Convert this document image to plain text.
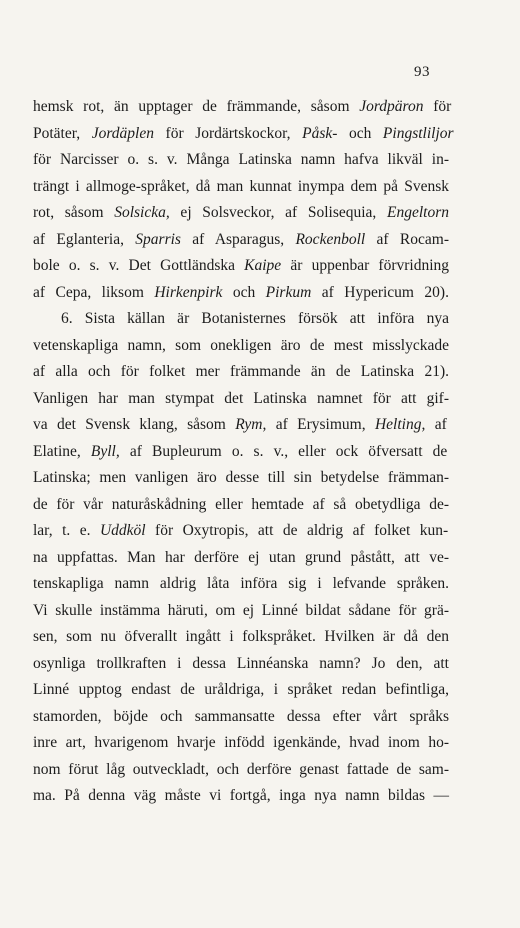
93
hemsk rot, än upptager de främmande, såsom Jordpäron för
Potäter, Jordäplen för Jordärtskockor, Påsk- och Pingstliljor
för Narcisser o. s. v. Många Latinska namn hafva likväl in-
trängt i allmoge-språket, då man kunnat inympa dem på Svensk
rot, såsom Solsicka, ej Solsveckor, af Solisequia, Engeltorn
af Eglanteria, Sparris af Asparagus, Rockenboll af Rocam-
bole o. s. v. Det Gottländska Kaipe är uppenbar förvridning
af Cepa, liksom Hirkenpirk och Pirkum af Hypericum 20).
6. Sista källan är Botanisternes försök att införa nya
vetenskapliga namn, som onekligen äro de mest misslyckade
af alla och för folket mer främmande än de Latinska 21).
Vanligen har man stympat det Latinska namnet för att gif-
va det Svensk klang, såsom Rym, af Erysimum, Helting, af
Elatine, Byll, af Bupleurum o. s. v., eller ock öfversatt de
Latinska; men vanligen äro desse till sin betydelse främman-
de för vår naturåskådning eller hemtade af så obetydliga de-
lar, t. e. Uddköl för Oxytropis, att de aldrig af folket kun-
na uppfattas. Man har derföre ej utan grund påstått, att ve-
tenskapliga namn aldrig låta införa sig i lefvande språken.
Vi skulle instämma häruti, om ej Linné bildat sådane för grä-
sen, som nu öfverallt ingått i folkspråket. Hvilken är då den
osynliga trollkraften i dessa Linnéanska namn? Jo den, att
Linné upptog endast de uråldriga, i språket redan befintliga,
stamorden, böjde och sammansatte dessa efter vårt språks
inre art, hvarigenom hvarje infödd igenkände, hvad inom ho-
nom förut låg outveckladt, och derföre genast fattade de sam-
ma. På denna väg måste vi fortgå, inga nya namn bildas —
